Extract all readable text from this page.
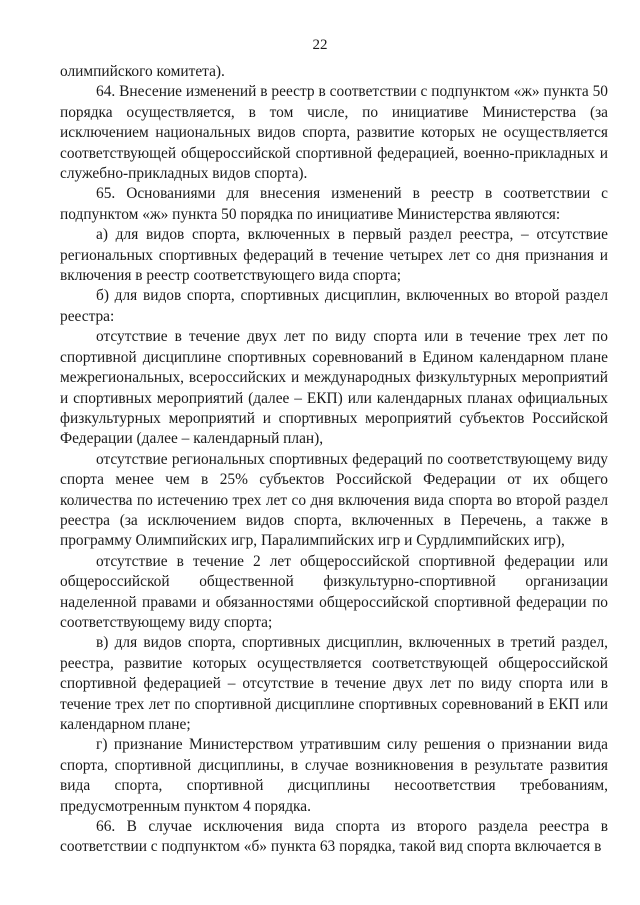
22

олимпийского комитета).

64. Внесение изменений в реестр в соответствии с подпунктом «ж» пункта 50 порядка осуществляется, в том числе, по инициативе Министерства (за исключением национальных видов спорта, развитие которых не осуществляется соответствующей общероссийской спортивной федерацией, военно-прикладных и служебно-прикладных видов спорта).

65. Основаниями для внесения изменений в реестр в соответствии с подпунктом «ж» пункта 50 порядка по инициативе Министерства являются:

а) для видов спорта, включенных в первый раздел реестра, – отсутствие региональных спортивных федераций в течение четырех лет со дня признания и включения в реестр соответствующего вида спорта;

б) для видов спорта, спортивных дисциплин, включенных во второй раздел реестра:

отсутствие в течение двух лет по виду спорта или в течение трех лет по спортивной дисциплине спортивных соревнований в Едином календарном плане межрегиональных, всероссийских и международных физкультурных мероприятий и спортивных мероприятий (далее – ЕКП) или календарных планах официальных физкультурных мероприятий и спортивных мероприятий субъектов Российской Федерации (далее – календарный план),

отсутствие региональных спортивных федераций по соответствующему виду спорта менее чем в 25% субъектов Российской Федерации от их общего количества по истечению трех лет со дня включения вида спорта во второй раздел реестра (за исключением видов спорта, включенных в Перечень, а также в программу Олимпийских игр, Паралимпийских игр и Сурдлимпийских игр),

отсутствие в течение 2 лет общероссийской спортивной федерации или общероссийской общественной физкультурно-спортивной организации наделенной правами и обязанностями общероссийской спортивной федерации по соответствующему виду спорта;

в) для видов спорта, спортивных дисциплин, включенных в третий раздел, реестра, развитие которых осуществляется соответствующей общероссийской спортивной федерацией – отсутствие в течение двух лет по виду спорта или в течение трех лет по спортивной дисциплине спортивных соревнований в ЕКП или календарном плане;

г) признание Министерством утратившим силу решения о признании вида спорта, спортивной дисциплины, в случае возникновения в результате развития вида спорта, спортивной дисциплины несоответствия требованиям, предусмотренным пунктом 4 порядка.

66. В случае исключения вида спорта из второго раздела реестра в соответствии с подпунктом «б» пункта 63 порядка, такой вид спорта включается в
